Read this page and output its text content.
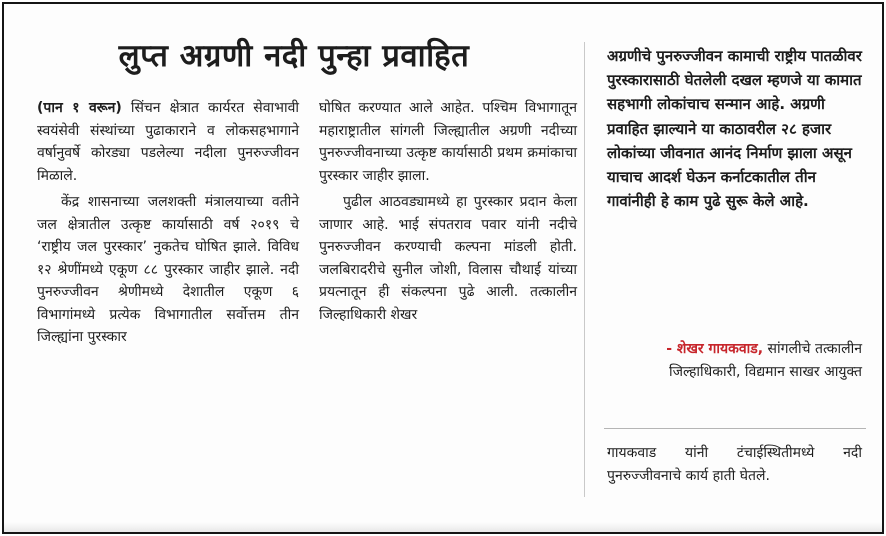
लुप्त अग्रणी नदी पुन्हा प्रवाहित

(पान १ वरून) सिंचन क्षेत्रात कार्यरत सेवाभावी स्वयंसेवी संस्थांच्या पुढाकाराने व लोकसहभागाने वर्षानुवर्षे कोरड्या पडलेल्या नदीला पुनरुज्जीवन मिळाले.

केंद्र शासनाच्या जलशक्ती मंत्रालयाच्या वतीने जल क्षेत्रातील उत्कृष्ट कार्यासाठी वर्ष २०१९ चे ‘राष्ट्रीय जल पुरस्कार’ नुकतेच घोषित झाले. विविध १२ श्रेणींमध्ये एकूण ८८ पुरस्कार जाहीर झाले. नदी पुनरुज्जीवन श्रेणीमध्ये देशातील एकूण ६ विभागांमध्ये प्रत्येक विभागातील सर्वोत्तम तीन जिल्ह्यांना पुरस्कार

घोषित करण्यात आले आहेत. पश्चिम विभागातून महाराष्ट्रातील सांगली जिल्ह्यातील अग्रणी नदीच्या पुनरुज्जीवनाच्या उत्कृष्ट कार्यासाठी प्रथम क्रमांकाचा पुरस्कार जाहीर झाला.

पुढील आठवड्यामध्ये हा पुरस्कार प्रदान केला जाणार आहे. भाई संपतराव पवार यांनी नदीचे पुनरुज्जीवन करण्याची कल्पना मांडली होती. जलबिरादरीचे सुनील जोशी, विलास चौथाई यांच्या प्रयत्नातून ही संकल्पना पुढे आली. तत्कालीन जिल्हाधिकारी शेखर

अग्रणीचे पुनरुज्जीवन कामाची राष्ट्रीय पातळीवर पुरस्कारासाठी घेतलेली दखल म्हणजे या कामात सहभागी लोकांचाच सन्मान आहे. अग्रणी प्रवाहित झाल्याने या काठावरील २८ हजार लोकांच्या जीवनात आनंद निर्माण झाला असून याचाच आदर्श घेऊन कर्नाटकातील तीन गावांनीही हे काम पुढे सुरू केले आहे.
- शेखर गायकवाड, सांगलीचे तत्कालीन जिल्हाधिकारी, विद्यमान साखर आयुक्त
गायकवाड यांनी टंचाईस्थितीमध्ये नदी पुनरुज्जीवनाचे कार्य हाती घेतले.
